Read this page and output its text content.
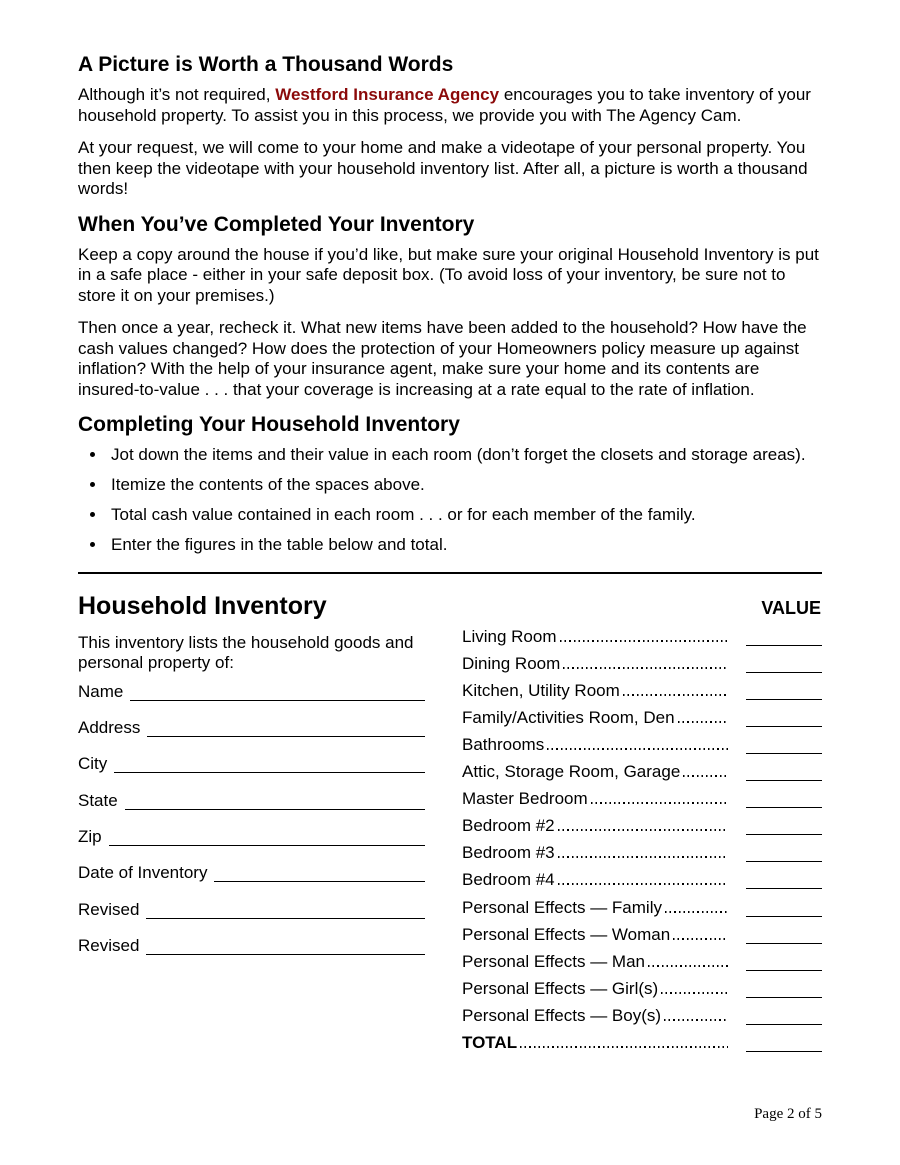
A Picture is Worth a Thousand Words

Although it’s not required, Westford Insurance Agency encourages you to take inventory of your household property. To assist you in this process, we provide you with The Agency Cam.

At your request, we will come to your home and make a videotape of your personal property. You then keep the videotape with your household inventory list. After all, a picture is worth a thousand words!

When You’ve Completed Your Inventory

Keep a copy around the house if you’d like, but make sure your original Household Inventory is put in a safe place - either in your safe deposit box. (To avoid loss of your inventory, be sure not to store it on your premises.)

Then once a year, recheck it. What new items have been added to the household? How have the cash values changed? How does the protection of your Homeowners policy measure up against inflation? With the help of your insurance agent, make sure your home and its contents are insured-to-value . . . that your coverage is increasing at a rate equal to the rate of inflation.

Completing Your Household Inventory
• Jot down the items and their value in each room (don’t forget the closets and storage areas).
• Itemize the contents of the spaces above.
• Total cash value contained in each room . . . or for each member of the family.
• Enter the figures in the table below and total.
Household Inventory

This inventory lists the household goods and personal property of:

Name
Address
City
State
Zip
Date of Inventory
Revised
Revised
VALUE
Living Room
Dining Room
Kitchen, Utility Room
Family/Activities Room, Den
Bathrooms
Attic, Storage Room, Garage
Master Bedroom
Bedroom #2
Bedroom #3
Bedroom #4
Personal Effects — Family
Personal Effects — Woman
Personal Effects — Man
Personal Effects — Girl(s)
Personal Effects — Boy(s)
TOTAL
Page 2 of 5
